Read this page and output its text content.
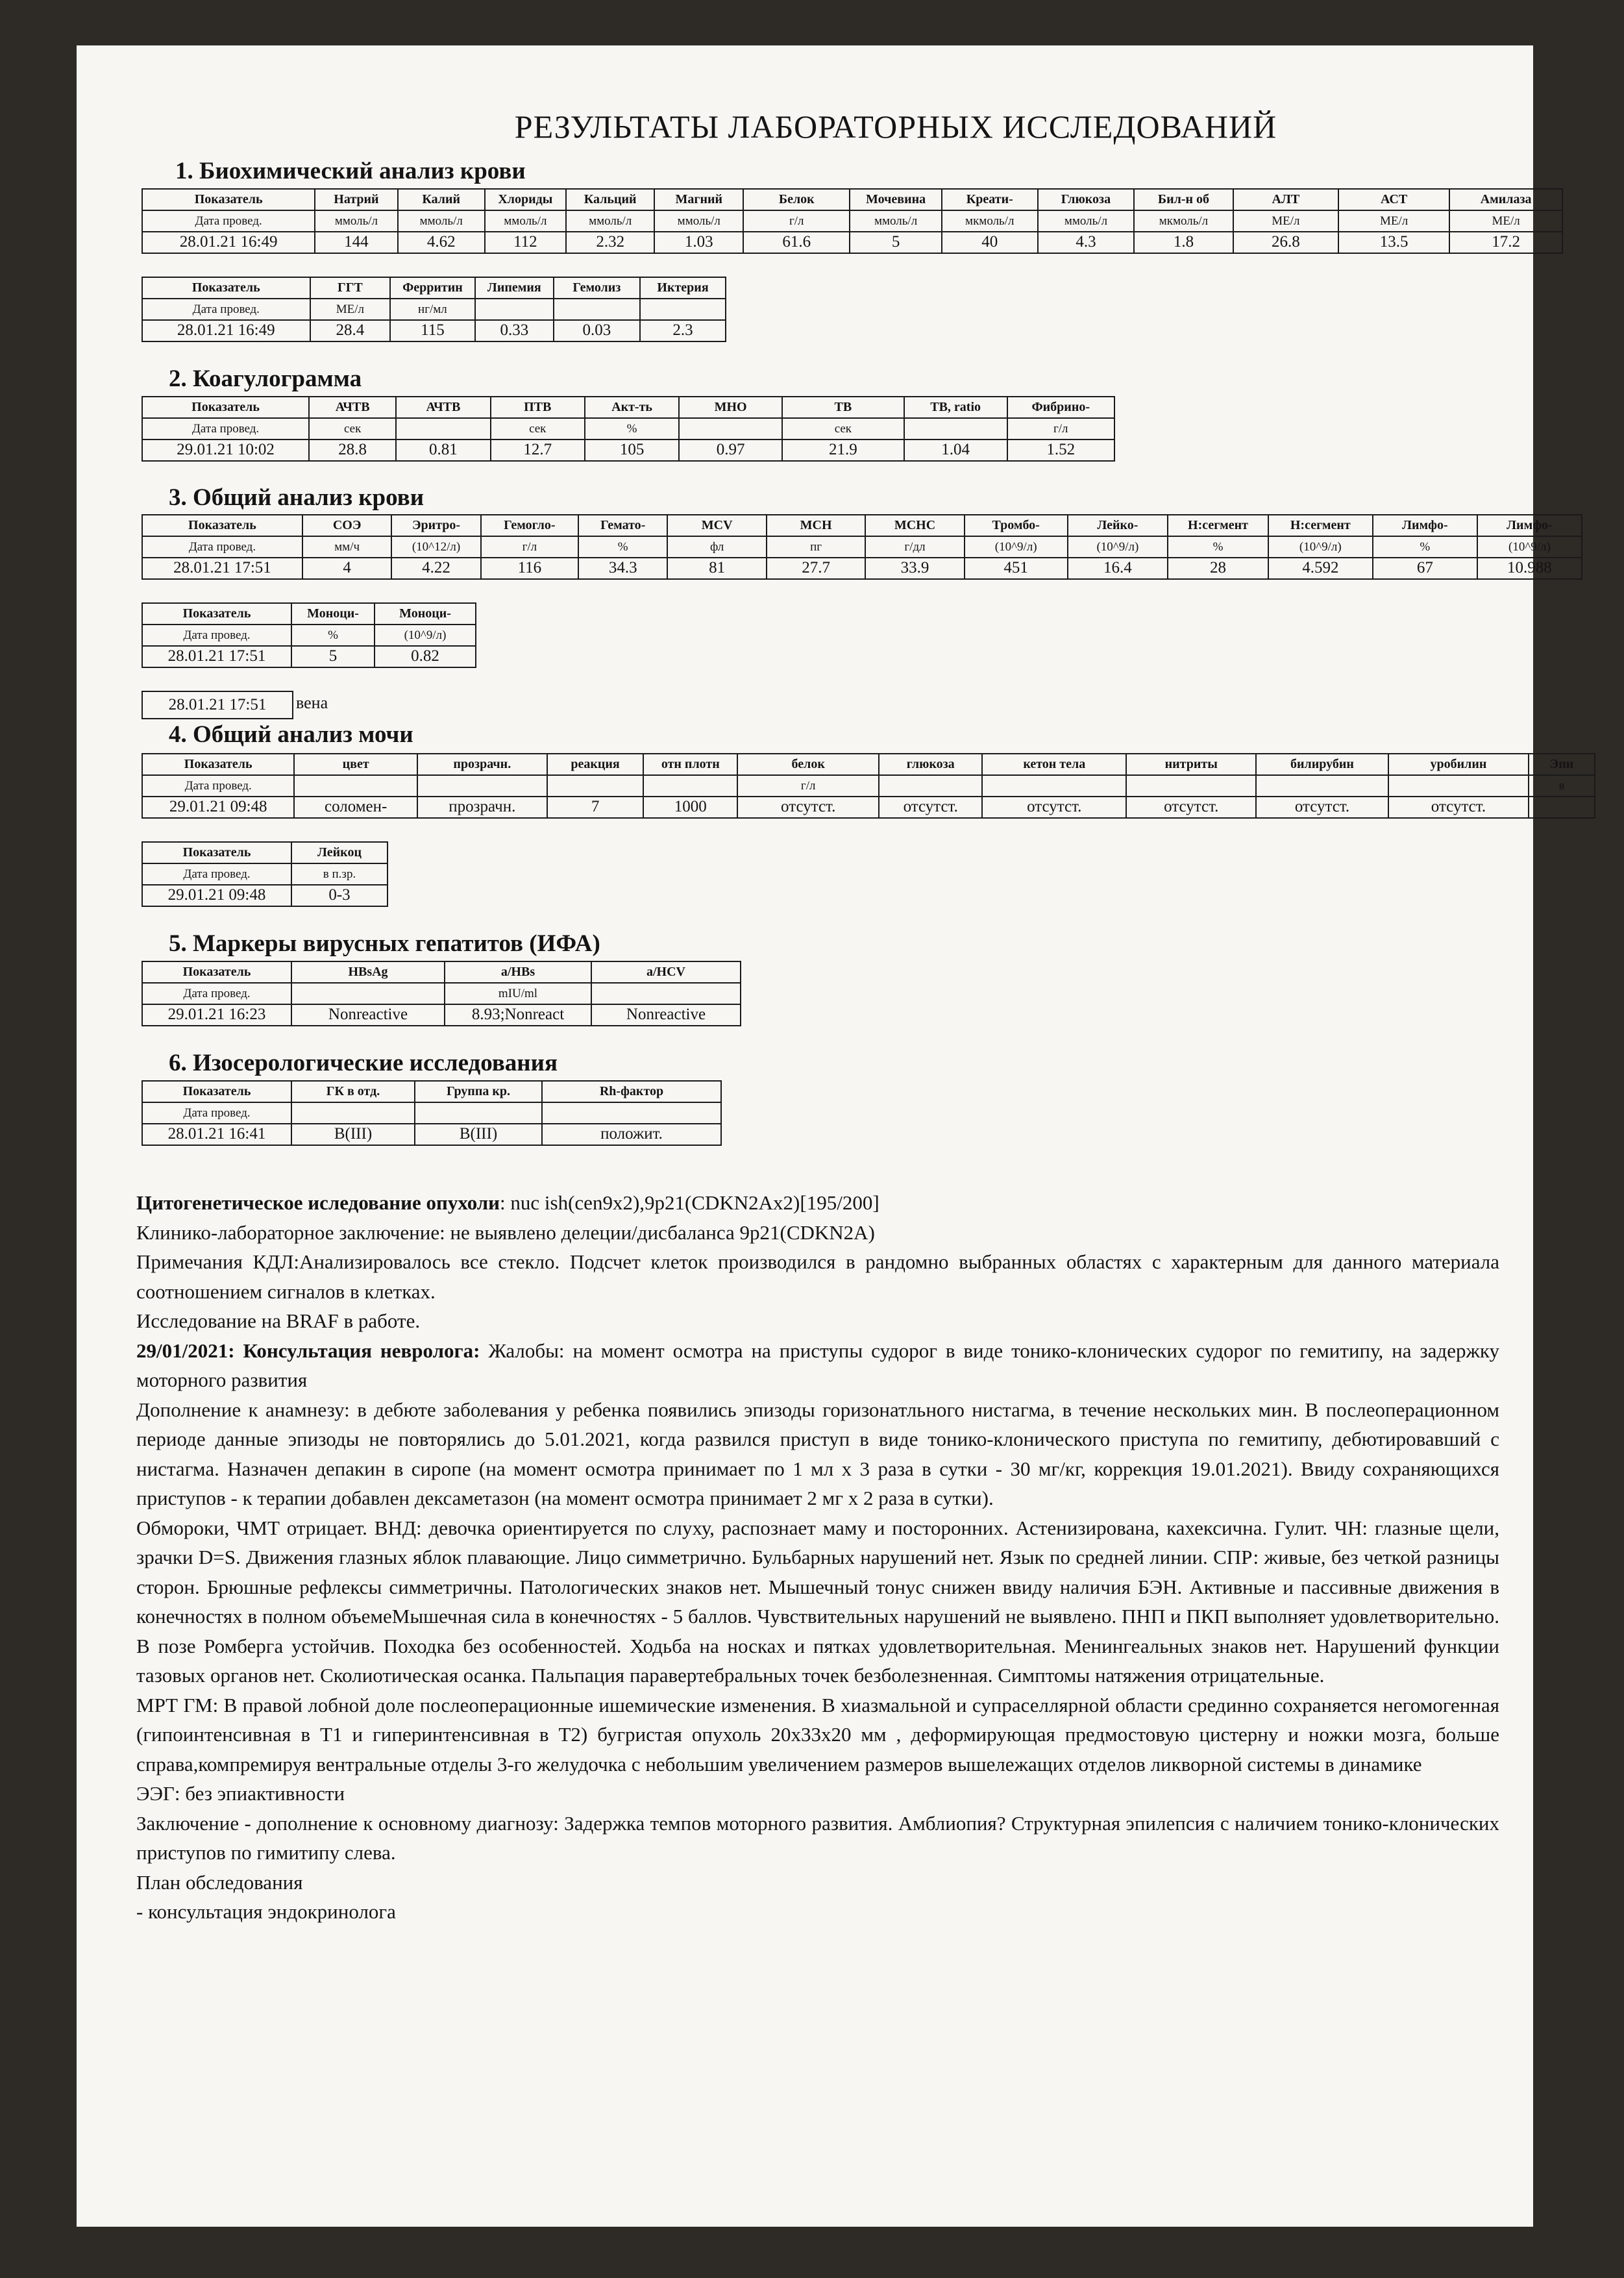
РЕЗУЛЬТАТЫ ЛАБОРАТОРНЫХ ИССЛЕДОВАНИЙ
1. Биохимический анализ крови
Показатель	Натрий	Калий	Хлориды	Кальций	Магний	Белок	Мочевина	Креати-	Глюкоза	Бил-н об	АЛТ	АСТ	Амилаза
Дата провед.	ммоль/л	ммоль/л	ммоль/л	ммоль/л	ммоль/л	г/л	ммоль/л	мкмоль/л	ммоль/л	мкмоль/л	МЕ/л	МЕ/л	МЕ/л
28.01.21 16:49	144	4.62	112	2.32	1.03	61.6	5	40	4.3	1.8	26.8	13.5	17.2
Показатель	ГГТ	Ферритин	Липемия	Гемолиз	Иктерия
Дата провед.	МЕ/л	нг/мл			
28.01.21 16:49	28.4	115	0.33	0.03	2.3
2. Коагулограмма
Показатель	АЧТВ	АЧТВ	ПТВ	Акт-ть	МНО	ТВ	ТВ, ratio	Фибрино-
Дата провед.	сек		сек	%		сек		г/л
29.01.21 10:02	28.8	0.81	12.7	105	0.97	21.9	1.04	1.52
3. Общий анализ крови
Показатель	СОЭ	Эритро-	Гемогло-	Гемато-	MCV	MCH	MCHC	Тромбо-	Лейко-	Н:сегмент	Н:сегмент	Лимфо-	Лимфо-
Дата провед.	мм/ч	(10^12/л)	г/л	%	фл	пг	г/дл	(10^9/л)	(10^9/л)	%	(10^9/л)	%	(10^9/л)
28.01.21 17:51	4	4.22	116	34.3	81	27.7	33.9	451	16.4	28	4.592	67	10.988
Показатель	Моноци-	Моноци-
Дата провед.	%	(10^9/л)
28.01.21 17:51	5	0.82
28.01.21 17:51	вена
4. Общий анализ мочи
Показатель	цвет	прозрачн.	реакция	отн плотн	белок	глюкоза	кетон тела	нитриты	билирубин	уробилин	Эпи
Дата провед.					г/л						в
29.01.21 09:48	соломен-	прозрачн.	7	1000	отсутст.	отсутст.	отсутст.	отсутст.	отсутст.	отсутст.	
Показатель	Лейкоц
Дата провед.	в п.зр.
29.01.21 09:48	0-3
5. Маркеры вирусных гепатитов (ИФА)
Показатель	HBsAg	a/HBs	a/HCV
Дата провед.		mIU/ml	
29.01.21 16:23	Nonreactive	8.93;Nonreact	Nonreactive
6. Изосерологические исследования
Показатель	ГК в отд.	Группа кр.	Rh-фактор
Дата провед.			
28.01.21 16:41	B(III)	B(III)	положит.

Цитогенетическое иследование опухоли: nuc ish(cen9x2),9p21(CDKN2Ax2)[195/200]

Клинико-лабораторное заключение: не выявлено делеции/дисбаланса 9p21(CDKN2A)

Примечания КДЛ:Анализировалось все стекло. Подсчет клеток производился в рандомно выбранных областях с характерным для данного материала соотношением сигналов в клетках.

Исследование на BRAF в работе.

29/01/2021: Консультация невролога: Жалобы: на момент осмотра на приступы судорог в виде тонико-клонических судорог по гемитипу, на задержку моторного развития

Дополнение к анамнезу: в дебюте заболевания у ребенка появились эпизоды горизонатльного нистагма, в течение нескольких мин. В послеоперационном периоде данные эпизоды не повторялись до 5.01.2021, когда развился приступ в виде тонико-клонического приступа по гемитипу, дебютировавший с нистагма. Назначен депакин в сиропе (на момент осмотра принимает по 1 мл х 3 раза в сутки - 30 мг/кг, коррекция 19.01.2021). Ввиду сохраняющихся приступов - к терапии добавлен дексаметазон (на момент осмотра принимает 2 мг х 2 раза в сутки).

Обмороки, ЧМТ отрицает. ВНД: девочка ориентируется по слуху, распознает маму и посторонних. Астенизирована, кахексична. Гулит. ЧН: глазные щели, зрачки D=S. Движения глазных яблок плавающие. Лицо симметрично. Бульбарных нарушений нет. Язык по средней линии. СПР: живые, без четкой разницы сторон. Брюшные рефлексы симметричны. Патологических знаков нет. Мышечный тонус снижен ввиду наличия БЭН. Активные и пассивные движения в конечностях в полном объемеМышечная сила в конечностях - 5 баллов. Чувствительных нарушений не выявлено. ПНП и ПКП выполняет удовлетворительно. В позе Ромберга устойчив. Походка без особенностей. Ходьба на носках и пятках удовлетворительная. Менингеальных знаков нет. Нарушений функции тазовых органов нет. Сколиотическая осанка. Пальпация паравертебральных точек безболезненная. Симптомы натяжения отрицательные.

МРТ ГМ: В правой лобной доле послеоперационные ишемические изменения. В хиазмальной и супраселлярной области срединно сохраняется негомогенная (гипоинтенсивная в Т1 и гиперинтенсивная в Т2) бугристая опухоль 20х33х20 мм , деформирующая предмостовую цистерну и ножки мозга, больше справа,компремируя вентральные отделы 3-го желудочка с небольшим увеличением размеров вышележащих отделов ликворной системы в динамике

ЭЭГ: без эпиактивности

Заключение - дополнение к основному диагнозу: Задержка темпов моторного развития. Амблиопия? Структурная эпилепсия с наличием тонико-клонических приступов по гимитипу слева.

План обследования

- консультация эндокринолога
